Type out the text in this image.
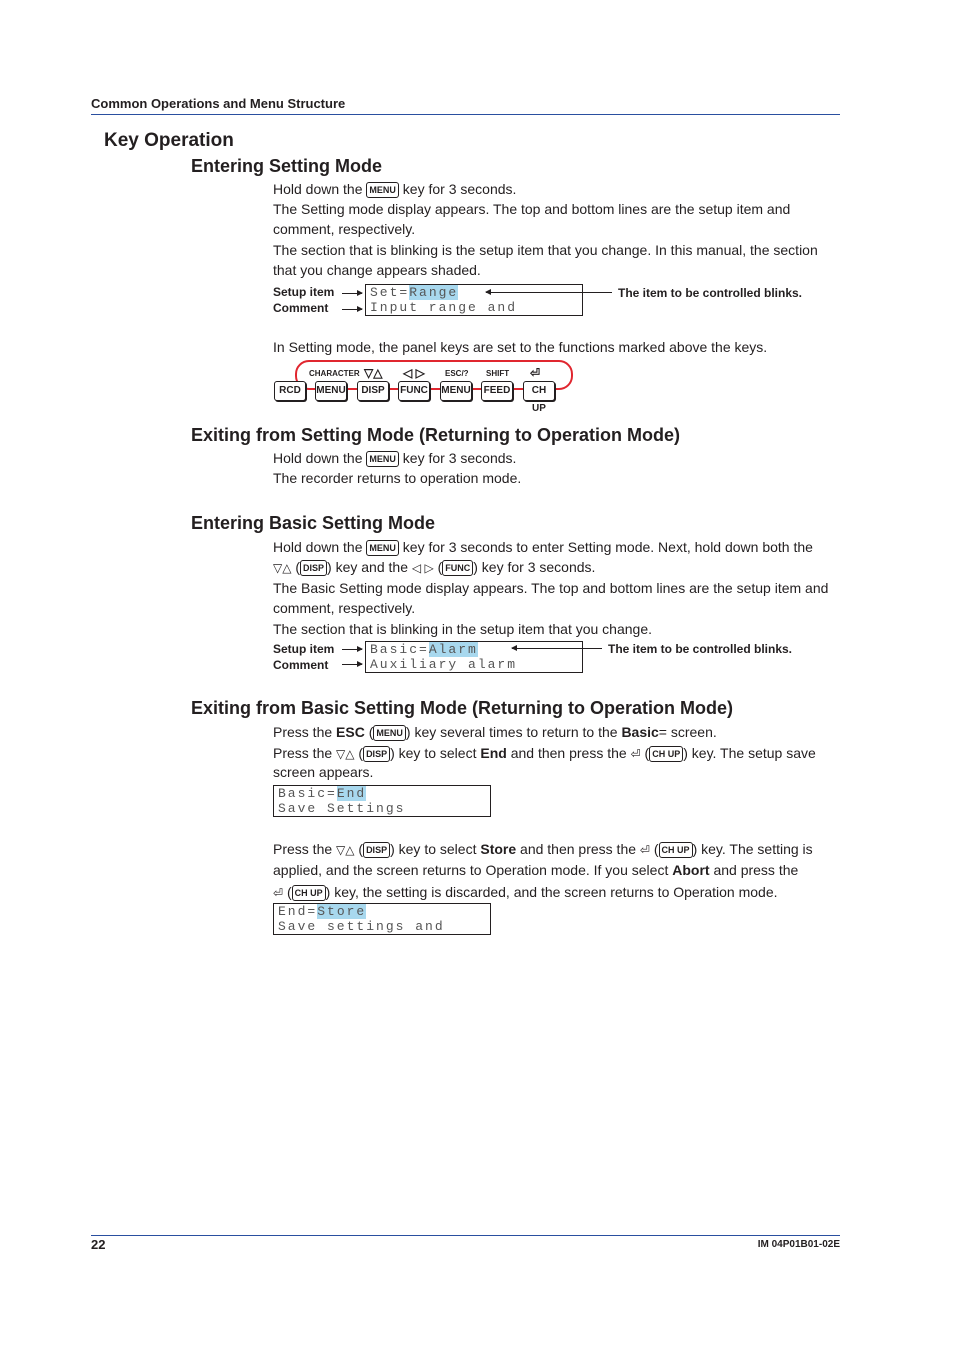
Common Operations and Menu Structure
Key Operation
Entering Setting Mode

Hold down the MENU key for 3 seconds.

The Setting mode display appears. The top and bottom lines are the setup item and comment, respectively.

The section that is blinking is the setup item that you change. In this manual, the section that you change appears shaded.

Setup item
Comment
Set=Range
Input range and
The item to be controlled blinks.
In Setting mode, the panel keys are set to the functions marked above the keys.
CHARACTER ▽△ ◁ ▷	ESC/? SHIFT ⏎
RCD	MENU	DISP	FUNC MENU FEED	CH UP
Exiting from Setting Mode (Returning to Operation Mode)

Hold down the MENU key for 3 seconds.

The recorder returns to operation mode.

Entering Basic Setting Mode

Hold down the MENU key for 3 seconds to enter Setting mode. Next, hold down both the

▽△ ( DISP ) key and the ◁ ▷ ( FUNC ) key for 3 seconds.

The Basic Setting mode display appears. The top and bottom lines are the setup item and comment, respectively.

The section that is blinking in the setup item that you change.

Setup item
Comment
Basic=Alarm
Auxiliary alarm
The item to be controlled blinks.
Exiting from Basic Setting Mode (Returning to Operation Mode)

Press the ESC ( MENU ) key several times to return to the Basic= screen.

Press the ▽△ ( DISP ) key to select End and then press the ⏎ ( CH UP ) key. The setup save screen appears.

Basic=End
Save Settings

Press the ▽△ ( DISP ) key to select Store and then press the ⏎ ( CH UP ) key. The setting is applied, and the screen returns to Operation mode. If you select Abort and press the

⏎ ( CH UP ) key, the setting is discarded, and the screen returns to Operation mode.

End=Store
Save settings and
22	IM 04P01B01-02E
